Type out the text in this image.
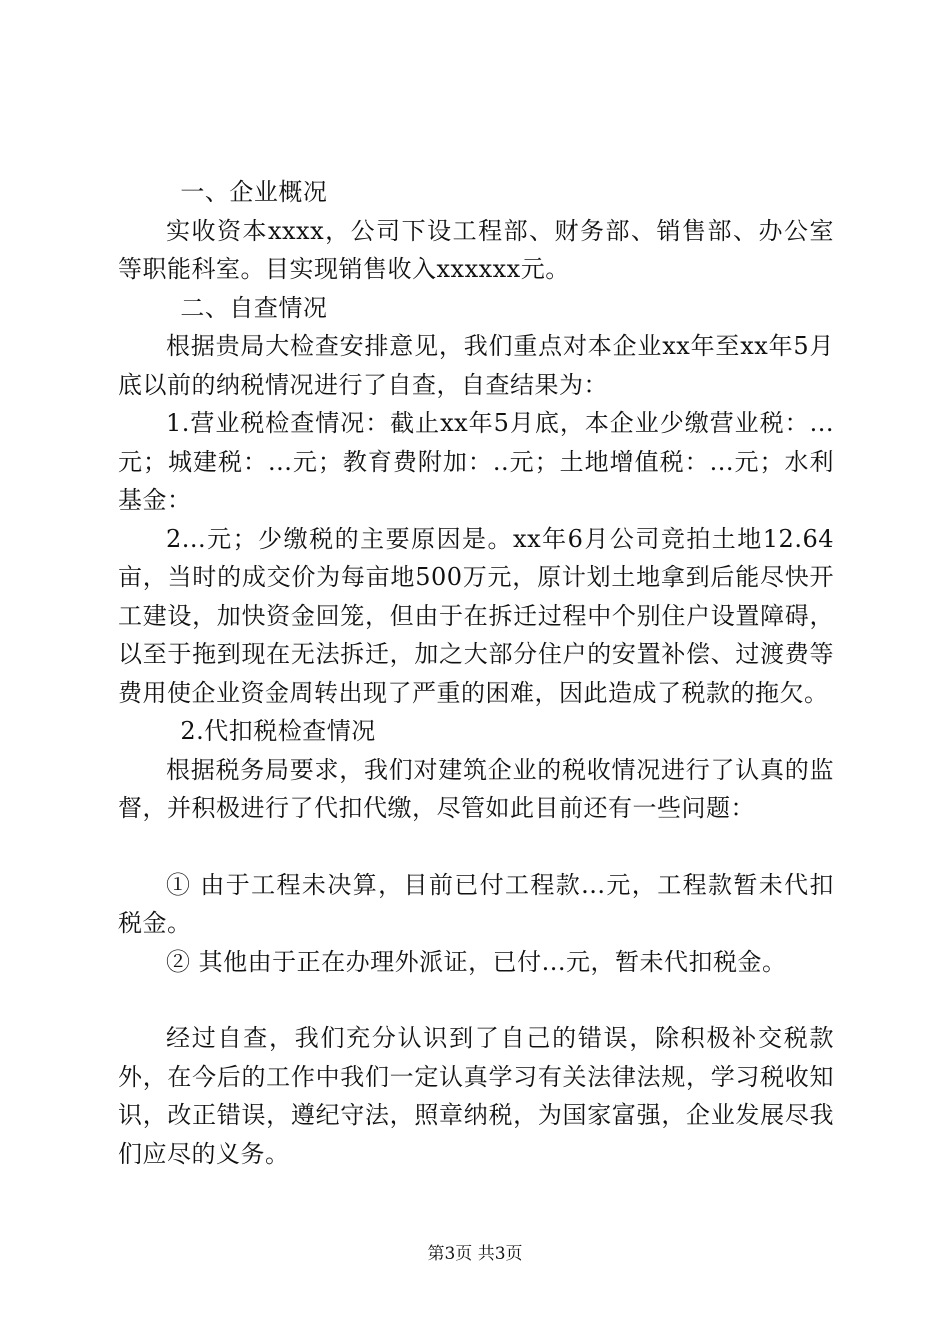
一、企业概况

实收资本xxxx，公司下设工程部、财务部、销售部、办公室等职能科室。目实现销售收入xxxxxx元。

二、自查情况

根据贵局大检查安排意见，我们重点对本企业xx年至xx年5月底以前的纳税情况进行了自查，自查结果为：

1.营业税检查情况：截止xx年5月底，本企业少缴营业税：...元；城建税：...元；教育费附加：..元；土地增值税：...元；水利基金：

2...元；少缴税的主要原因是。xx年6月公司竞拍土地12.64亩，当时的成交价为每亩地500万元，原计划土地拿到后能尽快开工建设，加快资金回笼，但由于在拆迁过程中个别住户设置障碍，以至于拖到现在无法拆迁，加之大部分住户的安置补偿、过渡费等费用使企业资金周转出现了严重的困难，因此造成了税款的拖欠。

2.代扣税检查情况

根据税务局要求，我们对建筑企业的税收情况进行了认真的监督，并积极进行了代扣代缴，尽管如此目前还有一些问题：

① 由于工程未决算，目前已付工程款...元，工程款暂未代扣税金。

② 其他由于正在办理外派证，已付...元，暂未代扣税金。

经过自查，我们充分认识到了自己的错误，除积极补交税款外，在今后的工作中我们一定认真学习有关法律法规，学习税收知识，改正错误，遵纪守法，照章纳税，为国家富强，企业发展尽我们应尽的义务。

第3页 共3页
